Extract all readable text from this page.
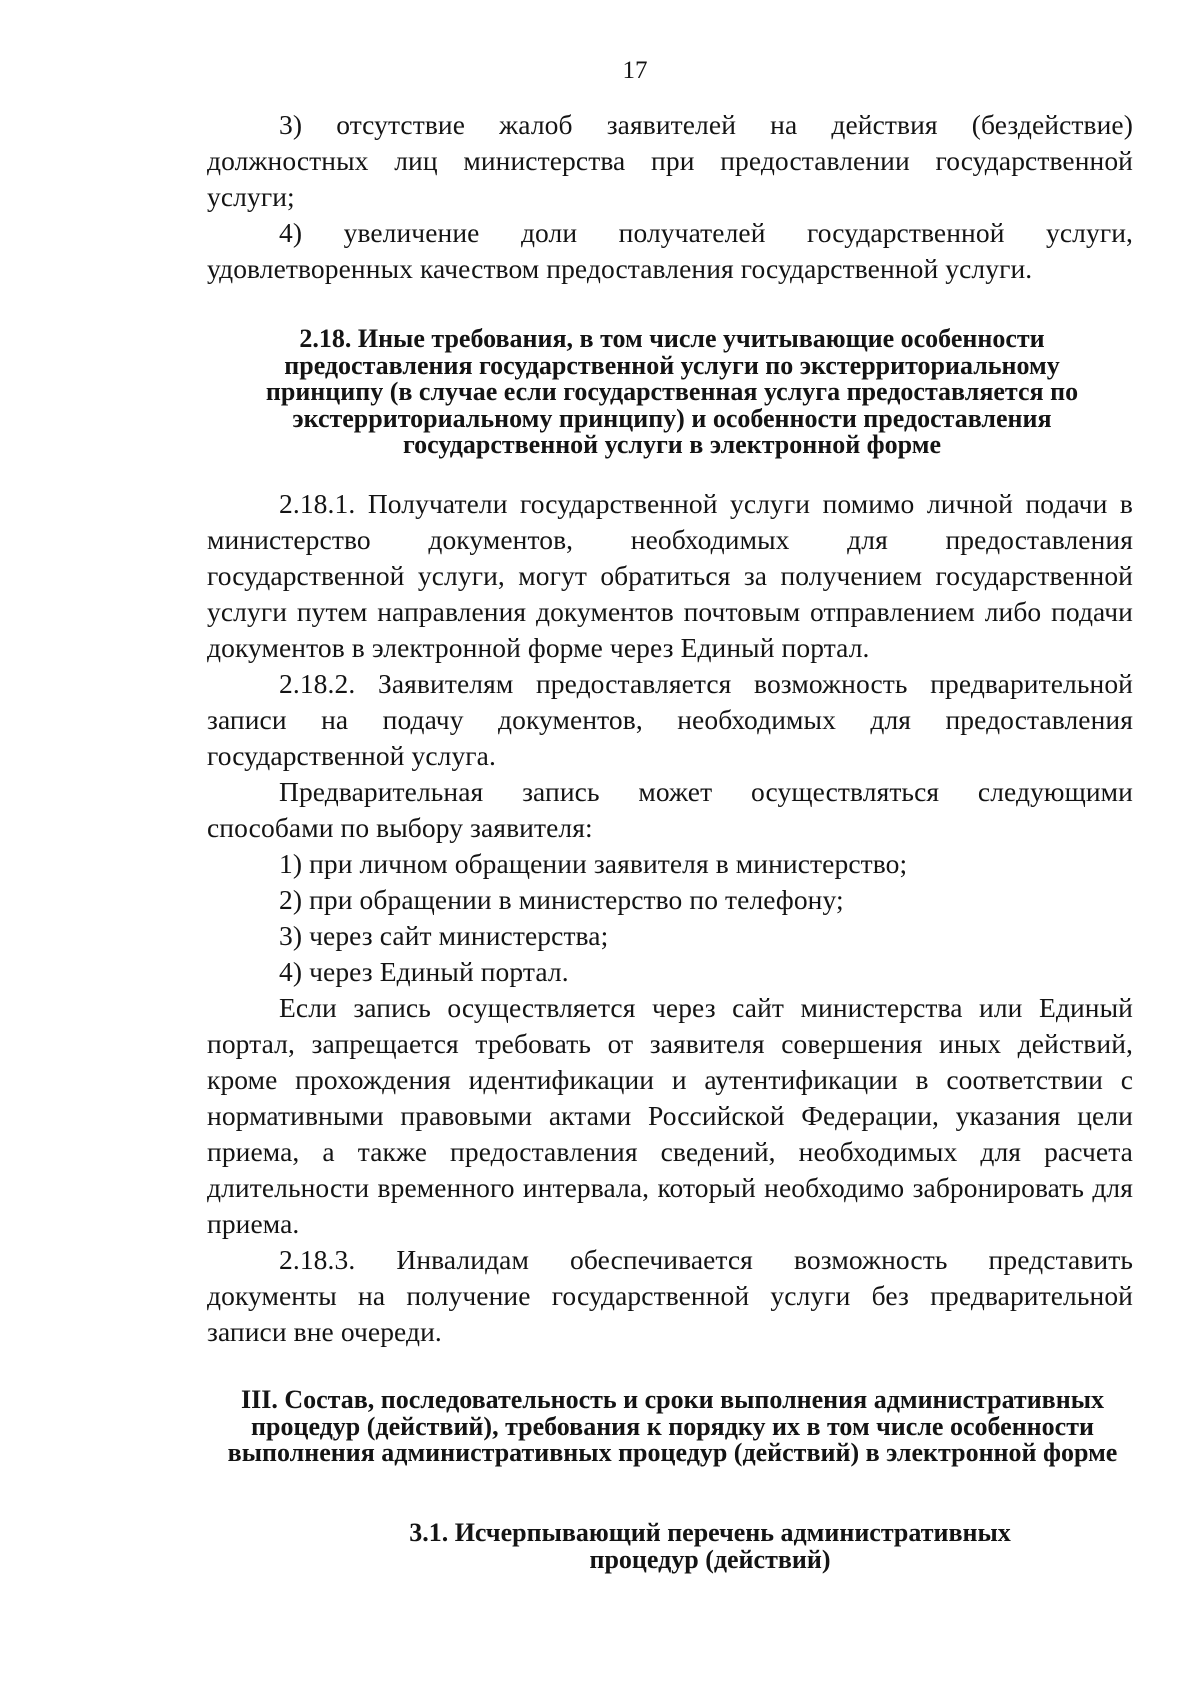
17

3) отсутствие жалоб заявителей на действия (бездействие) должностных лиц министерства при предоставлении государственной услуги;

4) увеличение доли получателей государственной услуги, удовлетворенных качеством предоставления государственной услуги.

2.18. Иные требования, в том числе учитывающие особенности предоставления государственной услуги по экстерриториальному принципу (в случае если государственная услуга предоставляется по экстерриториальному принципу) и особенности предоставления государственной услуги в электронной форме

2.18.1. Получатели государственной услуги помимо личной подачи в министерство документов, необходимых для предоставления государственной услуги, могут обратиться за получением государственной услуги путем направления документов почтовым отправлением либо подачи документов в электронной форме через Единый портал.

2.18.2. Заявителям предоставляется возможность предварительной записи на подачу документов, необходимых для предоставления государственной услуга.

Предварительная запись может осуществляться следующими способами по выбору заявителя:

1) при личном обращении заявителя в министерство;

2) при обращении в министерство по телефону;

3) через сайт министерства;

4) через Единый портал.

Если запись осуществляется через сайт министерства или Единый портал, запрещается требовать от заявителя совершения иных действий, кроме прохождения идентификации и аутентификации в соответствии с нормативными правовыми актами Российской Федерации, указания цели приема, а также предоставления сведений, необходимых для расчета длительности временного интервала, который необходимо забронировать для приема.

2.18.3. Инвалидам обеспечивается возможность представить документы на получение государственной услуги без предварительной записи вне очереди.

III. Состав, последовательность и сроки выполнения административных процедур (действий), требования к порядку их в том числе особенности выполнения административных процедур (действий) в электронной форме
3.1. Исчерпывающий перечень административных процедур (действий)
